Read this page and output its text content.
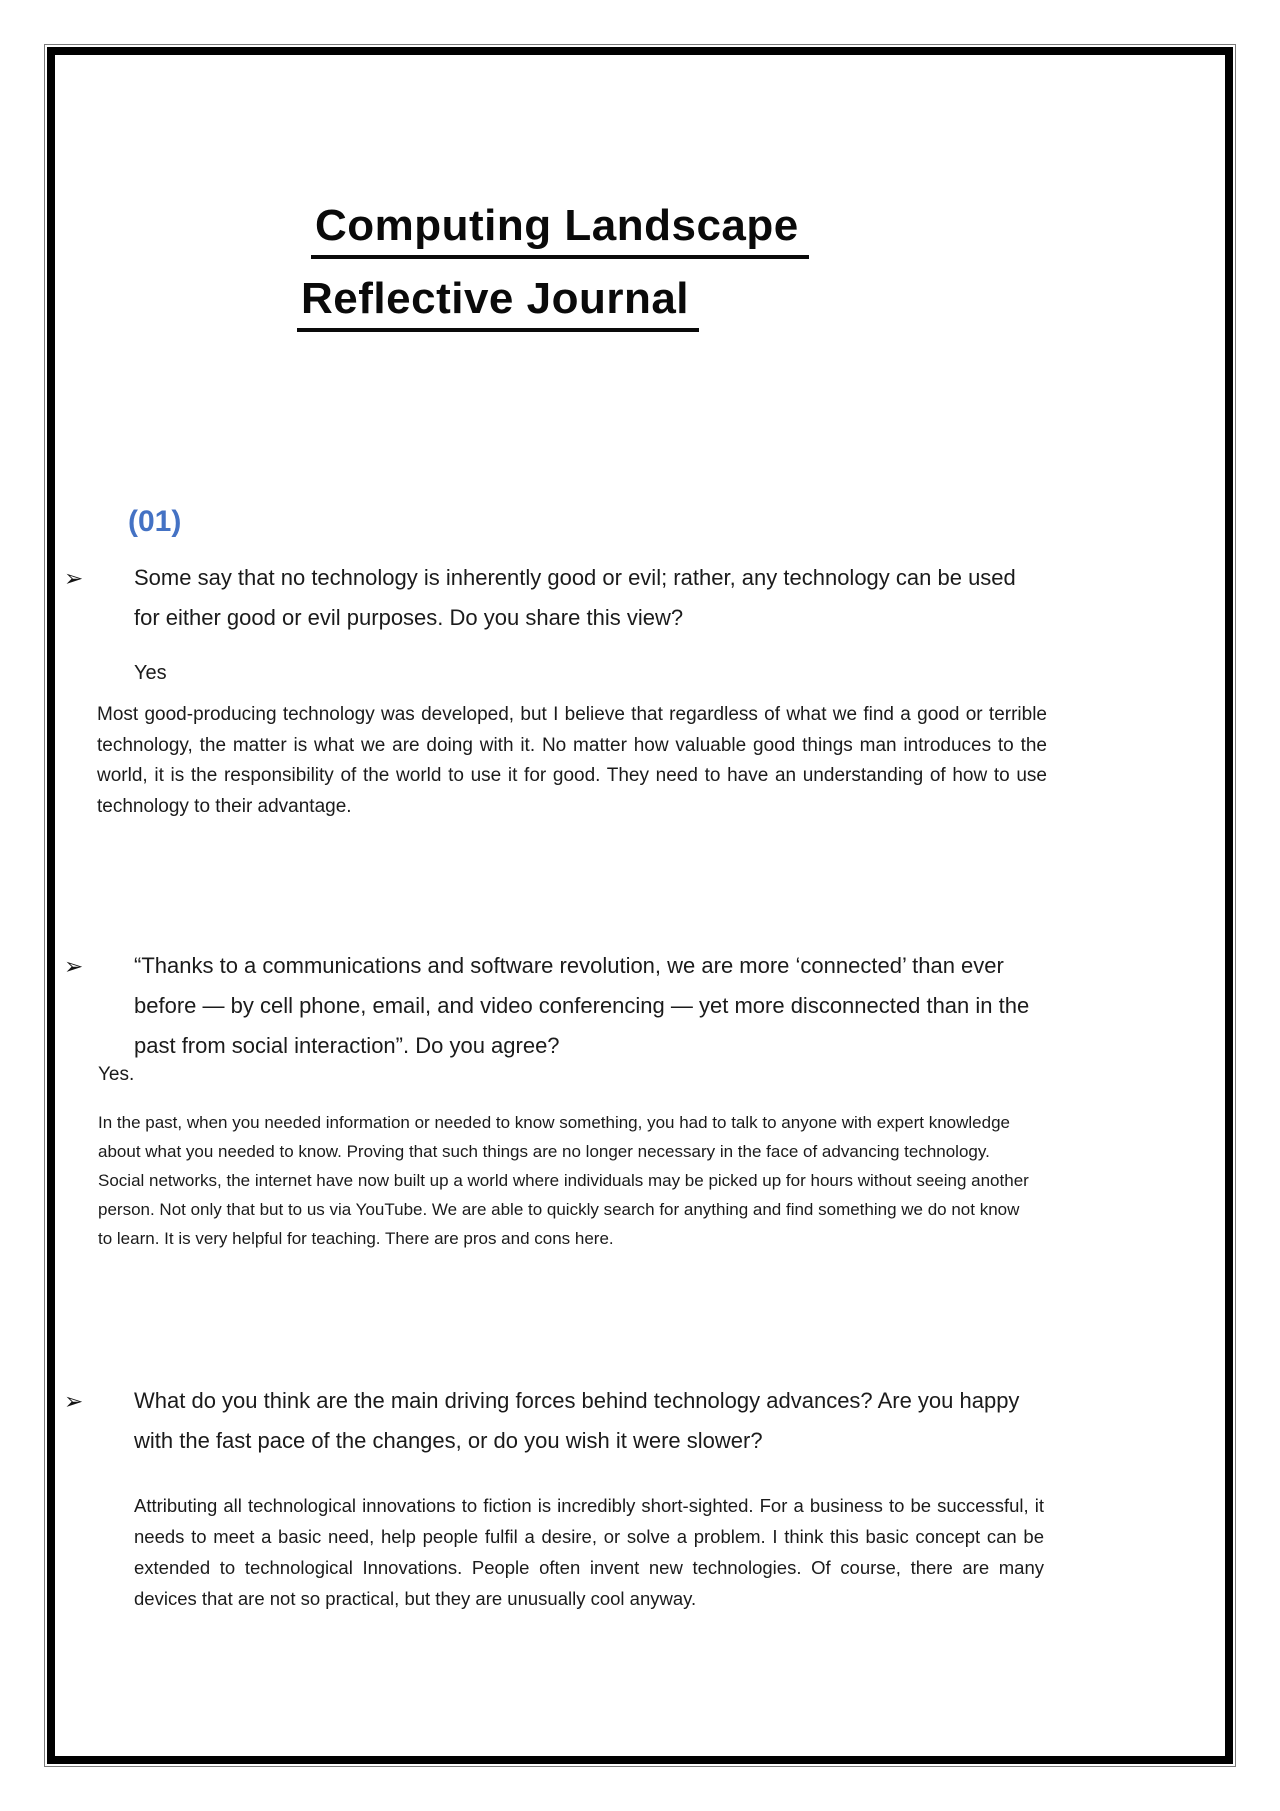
Computing Landscape
Reflective Journal
(01)
➢	Some say that no technology is inherently good or evil; rather, any technology can be used for either good or evil purposes. Do you share this view?
Yes
Most good-producing technology was developed, but I believe that regardless of what we find a good or terrible technology, the matter is what we are doing with it. No matter how valuable good things man introduces to the world, it is the responsibility of the world to use it for good. They need to have an understanding of how to use technology to their advantage.
➢	“Thanks to a communications and software revolution, we are more ‘connected’ than ever before — by cell phone, email, and video conferencing — yet more disconnected than in the past from social interaction”. Do you agree?
Yes.
In the past, when you needed information or needed to know something, you had to talk to anyone with expert knowledge about what you needed to know. Proving that such things are no longer necessary in the face of advancing technology. Social networks, the internet have now built up a world where individuals may be picked up for hours without seeing another person. Not only that but to us via YouTube. We are able to quickly search for anything and find something we do not know to learn. It is very helpful for teaching. There are pros and cons here.
➢	What do you think are the main driving forces behind technology advances? Are you happy with the fast pace of the changes, or do you wish it were slower?
Attributing all technological innovations to fiction is incredibly short-sighted. For a business to be successful, it needs to meet a basic need, help people fulfil a desire, or solve a problem. I think this basic concept can be extended to technological Innovations. People often invent new technologies. Of course, there are many devices that are not so practical, but they are unusually cool anyway.
